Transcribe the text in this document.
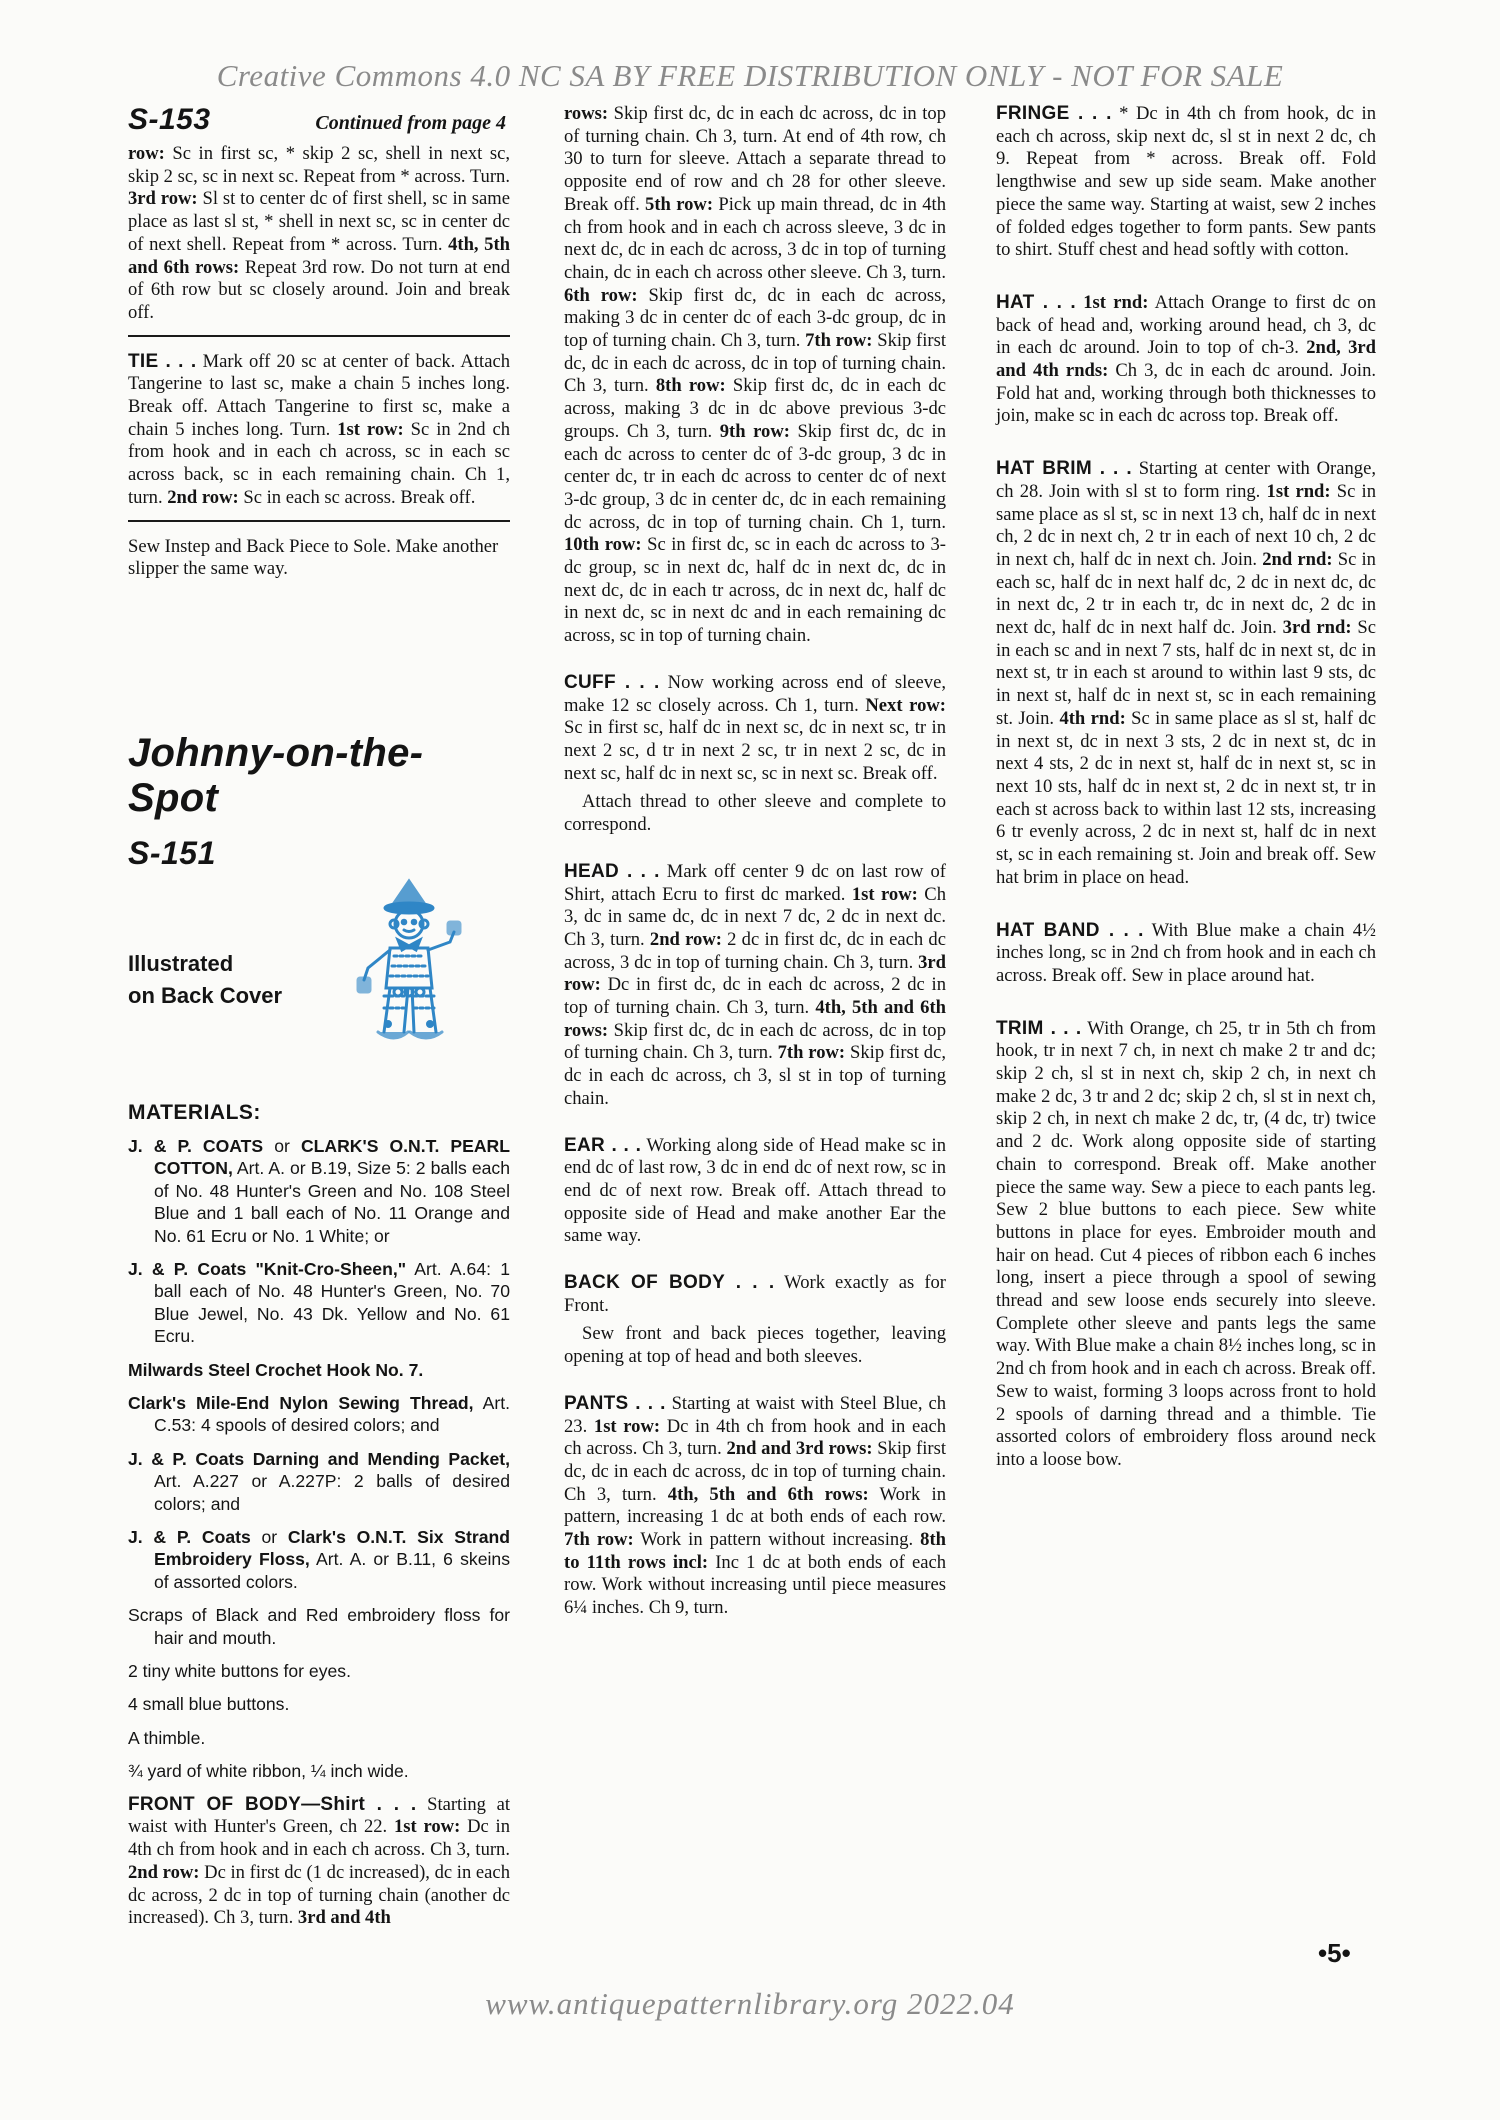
Creative Commons 4.0 NC SA BY FREE DISTRIBUTION ONLY - NOT FOR SALE
S-153	Continued from page 4

row: Sc in first sc, * skip 2 sc, shell in next sc, skip 2 sc, sc in next sc. Repeat from * across. Turn. 3rd row: Sl st to center dc of first shell, sc in same place as last sl st, * shell in next sc, sc in center dc of next shell. Repeat from * across. Turn. 4th, 5th and 6th rows: Repeat 3rd row. Do not turn at end of 6th row but sc closely around. Join and break off.

TIE . . . Mark off 20 sc at center of back. Attach Tangerine to last sc, make a chain 5 inches long. Break off. Attach Tangerine to first sc, make a chain 5 inches long. Turn. 1st row: Sc in 2nd ch from hook and in each ch across, sc in each sc across back, sc in each remaining chain. Ch 1, turn. 2nd row: Sc in each sc across. Break off.

Sew Instep and Back Piece to Sole. Make another slipper the same way.

Johnny-on-the-Spot
S-151
Illustrated
on Back Cover
MATERIALS:

J. & P. COATS or CLARK'S O.N.T. PEARL COTTON, Art. A. or B.19, Size 5: 2 balls each of No. 48 Hunter's Green and No. 108 Steel Blue and 1 ball each of No. 11 Orange and No. 61 Ecru or No. 1 White; or

J. & P. Coats "Knit-Cro-Sheen," Art. A.64: 1 ball each of No. 48 Hunter's Green, No. 70 Blue Jewel, No. 43 Dk. Yellow and No. 61 Ecru.

Milwards Steel Crochet Hook No. 7.

Clark's Mile-End Nylon Sewing Thread, Art. C.53: 4 spools of desired colors; and

J. & P. Coats Darning and Mending Packet, Art. A.227 or A.227P: 2 balls of desired colors; and

J. & P. Coats or Clark's O.N.T. Six Strand Embroidery Floss, Art. A. or B.11, 6 skeins of assorted colors.

Scraps of Black and Red embroidery floss for hair and mouth.

2 tiny white buttons for eyes.

4 small blue buttons.

A thimble.

¾ yard of white ribbon, ¼ inch wide.

FRONT OF BODY—Shirt . . . Starting at waist with Hunter's Green, ch 22. 1st row: Dc in 4th ch from hook and in each ch across. Ch 3, turn. 2nd row: Dc in first dc (1 dc increased), dc in each dc across, 2 dc in top of turning chain (another dc increased). Ch 3, turn. 3rd and 4th

rows: Skip first dc, dc in each dc across, dc in top of turning chain. Ch 3, turn. At end of 4th row, ch 30 to turn for sleeve. Attach a separate thread to opposite end of row and ch 28 for other sleeve. Break off. 5th row: Pick up main thread, dc in 4th ch from hook and in each ch across sleeve, 3 dc in next dc, dc in each dc across, 3 dc in top of turning chain, dc in each ch across other sleeve. Ch 3, turn. 6th row: Skip first dc, dc in each dc across, making 3 dc in center dc of each 3-dc group, dc in top of turning chain. Ch 3, turn. 7th row: Skip first dc, dc in each dc across, dc in top of turning chain. Ch 3, turn. 8th row: Skip first dc, dc in each dc across, making 3 dc in dc above previous 3-dc groups. Ch 3, turn. 9th row: Skip first dc, dc in each dc across to center dc of 3-dc group, 3 dc in center dc, tr in each dc across to center dc of next 3-dc group, 3 dc in center dc, dc in each remaining dc across, dc in top of turning chain. Ch 1, turn. 10th row: Sc in first dc, sc in each dc across to 3-dc group, sc in next dc, half dc in next dc, dc in next dc, dc in each tr across, dc in next dc, half dc in next dc, sc in next dc and in each remaining dc across, sc in top of turning chain.

CUFF . . . Now working across end of sleeve, make 12 sc closely across. Ch 1, turn. Next row: Sc in first sc, half dc in next sc, dc in next sc, tr in next 2 sc, d tr in next 2 sc, tr in next 2 sc, dc in next sc, half dc in next sc, sc in next sc. Break off.

Attach thread to other sleeve and complete to correspond.

HEAD . . . Mark off center 9 dc on last row of Shirt, attach Ecru to first dc marked. 1st row: Ch 3, dc in same dc, dc in next 7 dc, 2 dc in next dc. Ch 3, turn. 2nd row: 2 dc in first dc, dc in each dc across, 3 dc in top of turning chain. Ch 3, turn. 3rd row: Dc in first dc, dc in each dc across, 2 dc in top of turning chain. Ch 3, turn. 4th, 5th and 6th rows: Skip first dc, dc in each dc across, dc in top of turning chain. Ch 3, turn. 7th row: Skip first dc, dc in each dc across, ch 3, sl st in top of turning chain.

EAR . . . Working along side of Head make sc in end dc of last row, 3 dc in end dc of next row, sc in end dc of next row. Break off. Attach thread to opposite side of Head and make another Ear the same way.

BACK OF BODY . . . Work exactly as for Front.

Sew front and back pieces together, leaving opening at top of head and both sleeves.

PANTS . . . Starting at waist with Steel Blue, ch 23. 1st row: Dc in 4th ch from hook and in each ch across. Ch 3, turn. 2nd and 3rd rows: Skip first dc, dc in each dc across, dc in top of turning chain. Ch 3, turn. 4th, 5th and 6th rows: Work in pattern, increasing 1 dc at both ends of each row. 7th row: Work in pattern without increasing. 8th to 11th rows incl: Inc 1 dc at both ends of each row. Work without increasing until piece measures 6¼ inches. Ch 9, turn.

FRINGE . . . * Dc in 4th ch from hook, dc in each ch across, skip next dc, sl st in next 2 dc, ch 9. Repeat from * across. Break off. Fold lengthwise and sew up side seam. Make another piece the same way. Starting at waist, sew 2 inches of folded edges together to form pants. Sew pants to shirt. Stuff chest and head softly with cotton.

HAT . . . 1st rnd: Attach Orange to first dc on back of head and, working around head, ch 3, dc in each dc around. Join to top of ch-3. 2nd, 3rd and 4th rnds: Ch 3, dc in each dc around. Join. Fold hat and, working through both thicknesses to join, make sc in each dc across top. Break off.

HAT BRIM . . . Starting at center with Orange, ch 28. Join with sl st to form ring. 1st rnd: Sc in same place as sl st, sc in next 13 ch, half dc in next ch, 2 dc in next ch, 2 tr in each of next 10 ch, 2 dc in next ch, half dc in next ch. Join. 2nd rnd: Sc in each sc, half dc in next half dc, 2 dc in next dc, dc in next dc, 2 tr in each tr, dc in next dc, 2 dc in next dc, half dc in next half dc. Join. 3rd rnd: Sc in each sc and in next 7 sts, half dc in next st, dc in next st, tr in each st around to within last 9 sts, dc in next st, half dc in next st, sc in each remaining st. Join. 4th rnd: Sc in same place as sl st, half dc in next st, dc in next 3 sts, 2 dc in next st, dc in next 4 sts, 2 dc in next st, half dc in next st, sc in next 10 sts, half dc in next st, 2 dc in next st, tr in each st across back to within last 12 sts, increasing 6 tr evenly across, 2 dc in next st, half dc in next st, sc in each remaining st. Join and break off. Sew hat brim in place on head.

HAT BAND . . . With Blue make a chain 4½ inches long, sc in 2nd ch from hook and in each ch across. Break off. Sew in place around hat.

TRIM . . . With Orange, ch 25, tr in 5th ch from hook, tr in next 7 ch, in next ch make 2 tr and dc; skip 2 ch, sl st in next ch, skip 2 ch, in next ch make 2 dc, 3 tr and 2 dc; skip 2 ch, sl st in next ch, skip 2 ch, in next ch make 2 dc, tr, (4 dc, tr) twice and 2 dc. Work along opposite side of starting chain to correspond. Break off. Make another piece the same way. Sew a piece to each pants leg. Sew 2 blue buttons to each piece. Sew white buttons in place for eyes. Embroider mouth and hair on head. Cut 4 pieces of ribbon each 6 inches long, insert a piece through a spool of sewing thread and sew loose ends securely into sleeve. Complete other sleeve and pants legs the same way. With Blue make a chain 8½ inches long, sc in 2nd ch from hook and in each ch across. Break off. Sew to waist, forming 3 loops across front to hold 2 spools of darning thread and a thimble. Tie assorted colors of embroidery floss around neck into a loose bow.

•5•
www.antiquepatternlibrary.org 2022.04
